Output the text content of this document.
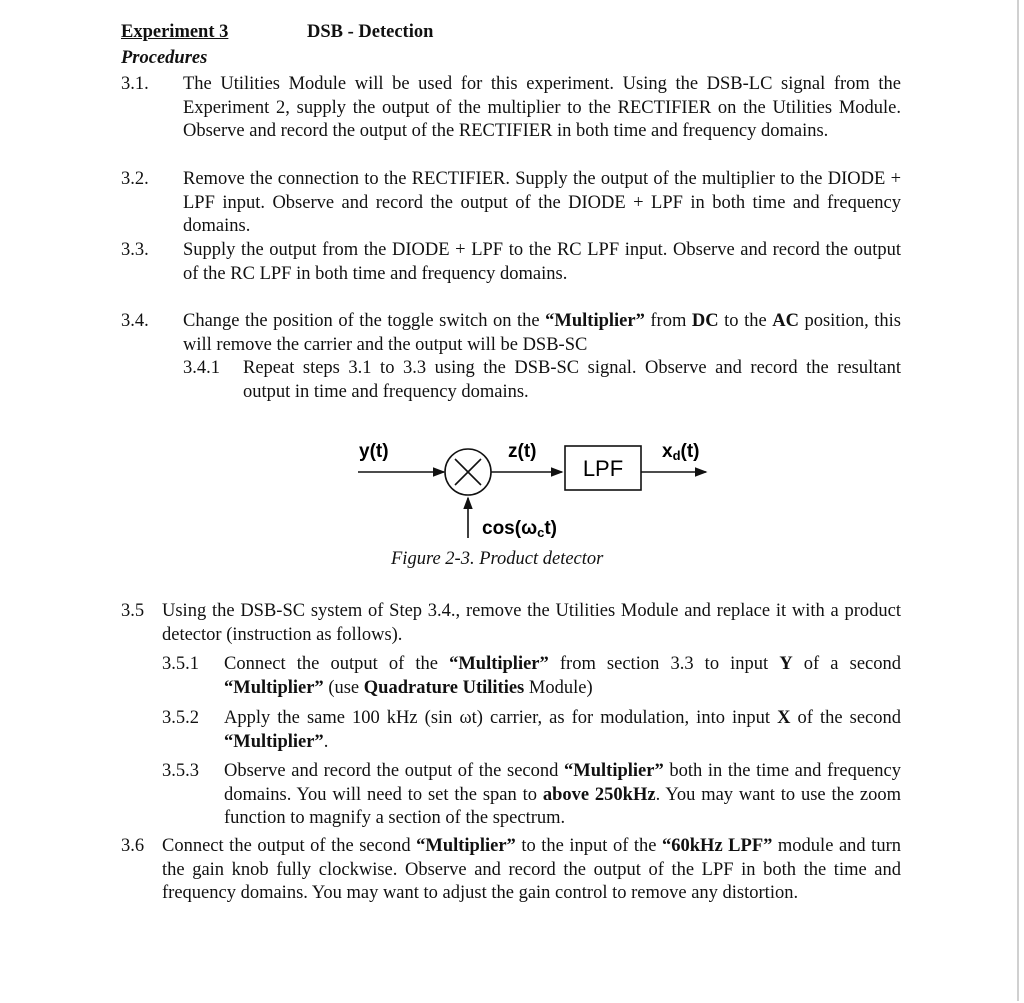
Experiment 3	DSB - Detection
Procedures
3.1. The Utilities Module will be used for this experiment. Using the DSB-LC signal from the Experiment 2, supply the output of the multiplier to the RECTIFIER on the Utilities Module. Observe and record the output of the RECTIFIER in both time and frequency domains.
3.2. Remove the connection to the RECTIFIER. Supply the output of the multiplier to the DIODE + LPF input. Observe and record the output of the DIODE + LPF in both time and frequency domains.
3.3. Supply the output from the DIODE + LPF to the RC LPF input. Observe and record the output of the RC LPF in both time and frequency domains.
3.4. Change the position of the toggle switch on the “Multiplier” from DC to the AC position, this will remove the carrier and the output will be DSB-SC
3.4.1 Repeat steps 3.1 to 3.3 using the DSB-SC signal. Observe and record the resultant output in time and frequency domains.
y(t)	z(t)
LPF
xd(t)
cos(ωct)
Figure 2-3. Product detector
3.5 Using the DSB-SC system of Step 3.4., remove the Utilities Module and replace it with a product detector (instruction as follows).
3.5.1 Connect the output of the “Multiplier” from section 3.3 to input Y of a second “Multiplier” (use Quadrature Utilities Module)
3.5.2 Apply the same 100 kHz (sin ωt) carrier, as for modulation, into input X of the second “Multiplier”.
3.5.3 Observe and record the output of the second “Multiplier” both in the time and frequency domains. You will need to set the span to above 250kHz. You may want to use the zoom function to magnify a section of the spectrum.
3.6 Connect the output of the second “Multiplier” to the input of the “60kHz LPF” module and turn the gain knob fully clockwise. Observe and record the output of the LPF in both the time and frequency domains. You may want to adjust the gain control to remove any distortion.
